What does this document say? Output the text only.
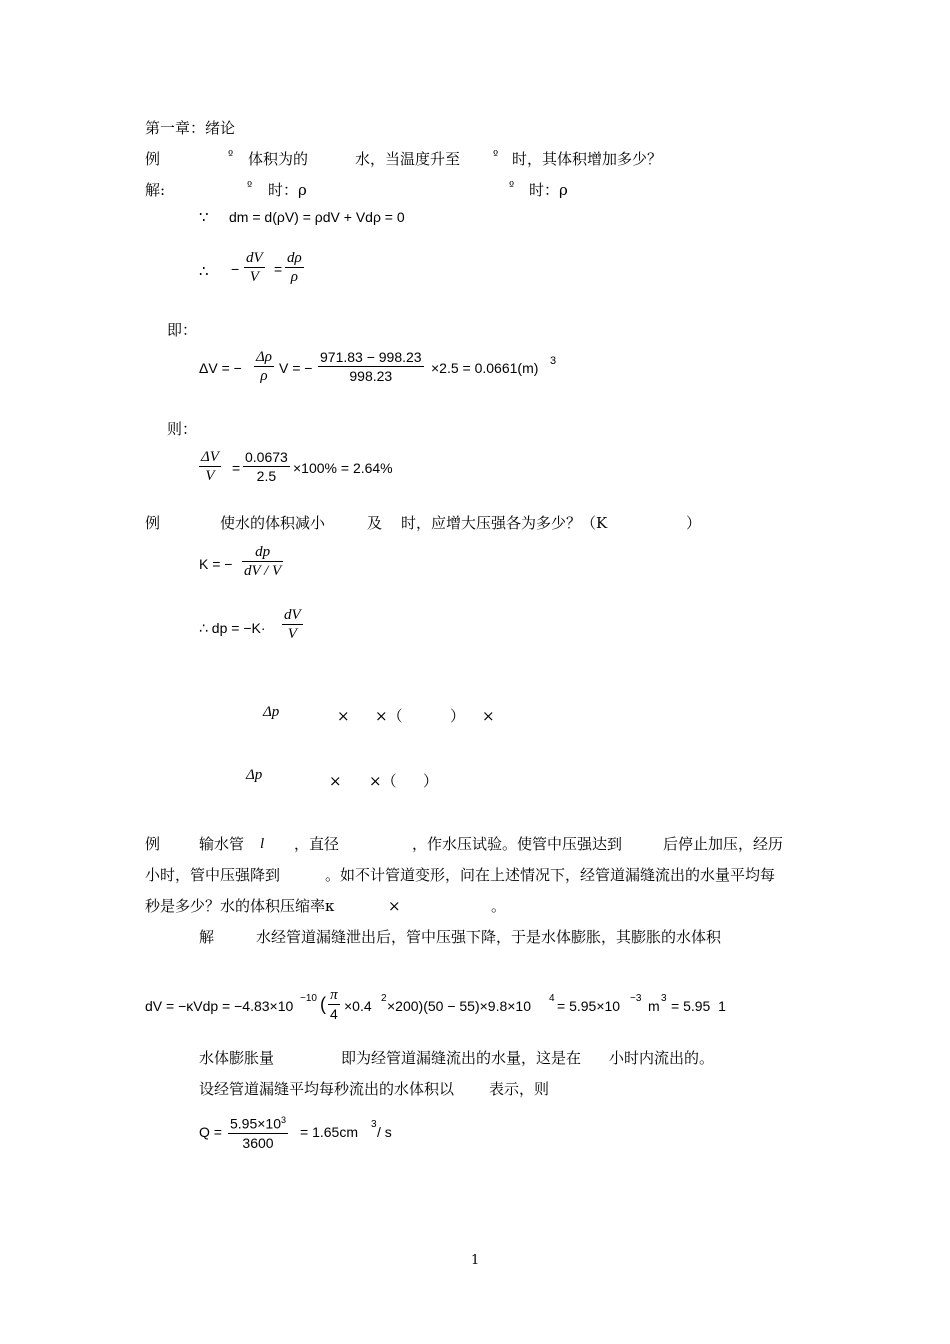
第一章：绪论
例	º 体积为的	水，当温度升至	º 时，其体积增加多少？
解:	º 时：ρ	º 时：ρ
∵ dm = d(ρV) = ρdV + Vdρ = 0
∴ − $\frac{dV}{V} = \frac{d\rho}{\rho}$
即：
ΔV = − $\frac{\Delta\rho}{\rho}$ V = − $\frac{971.83 - 998.23}{998.23} \times 2.5 = 0.0661(m)$ 3
则：
$\frac{\Delta V}{V} = \frac{0.0673}{2.5} \times 100\% = 2.64\%$
例	使水的体积减小	及 时，应增大压强各为多少？（K	）
K = − $\frac{dp}{dV / V}$
∴ dp = $-K\cdot \frac{dV}{V}$
Δp	× ×（	） ×
Δp	× ×（ ）
例	输水管 l ，直径	，作水压试验。使管中压强达到	后停止加压，经历
小时，管中压强降到	。如不计管道变形，问在上述情况下，经管道漏缝流出的水量平均每
秒是多少？水的体积压缩率κ	×	。
解	水经管道漏缝泄出后，管中压强下降，于是水体膨胀，其膨胀的水体积
dV = −κVdp = −4.83×10 −10 ( $\frac{\pi}{4} \times 0.4$ 2 ×200)(50 − 55)×9.8×10 4 = 5.95×10 −3 m 3 = 5.95  1
水体膨胀量	即为经管道漏缝流出的水量，这是在 小时内流出的。
设经管道漏缝平均每秒流出的水体积以 表示，则
$Q = \frac{5.95\times 10^3}{3600} = 1.65cm$ 3 / s
1
